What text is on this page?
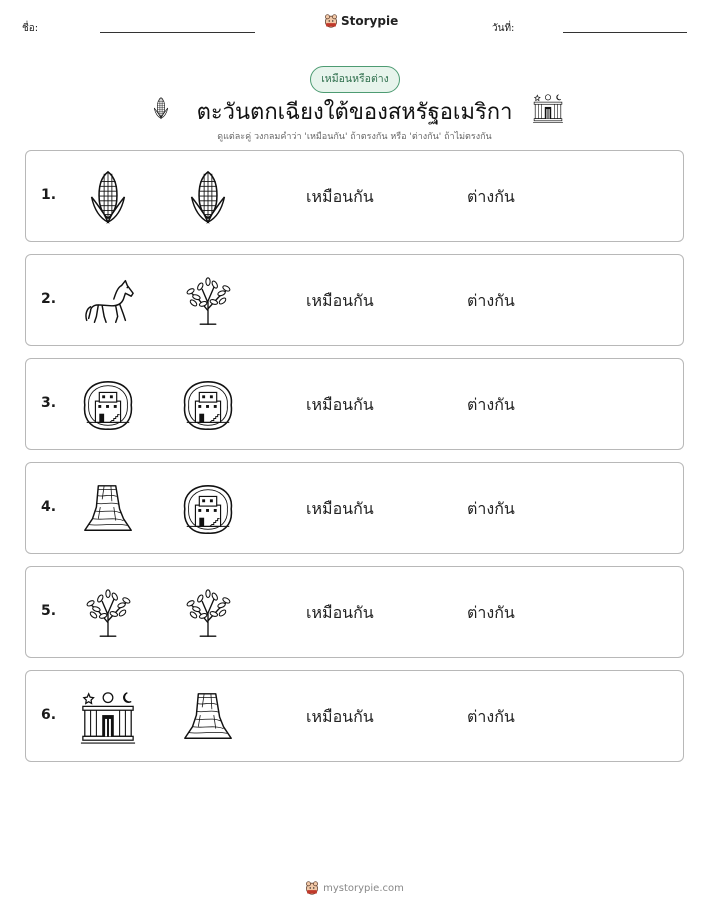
ชื่อ:
Storypie
วันที่:
เหมือนหรือต่าง
ตะวันตกเฉียงใต้ของสหรัฐอเมริกา
ดูแต่ละคู่ วงกลมคำว่า 'เหมือนกัน' ถ้าตรงกัน หรือ 'ต่างกัน' ถ้าไม่ตรงกัน
1.	เหมือนกัน	ต่างกัน
2.	เหมือนกัน	ต่างกัน
3.	เหมือนกัน	ต่างกัน
4.	เหมือนกัน	ต่างกัน
5.	เหมือนกัน	ต่างกัน
6.	เหมือนกัน	ต่างกัน
mystorypie.com
